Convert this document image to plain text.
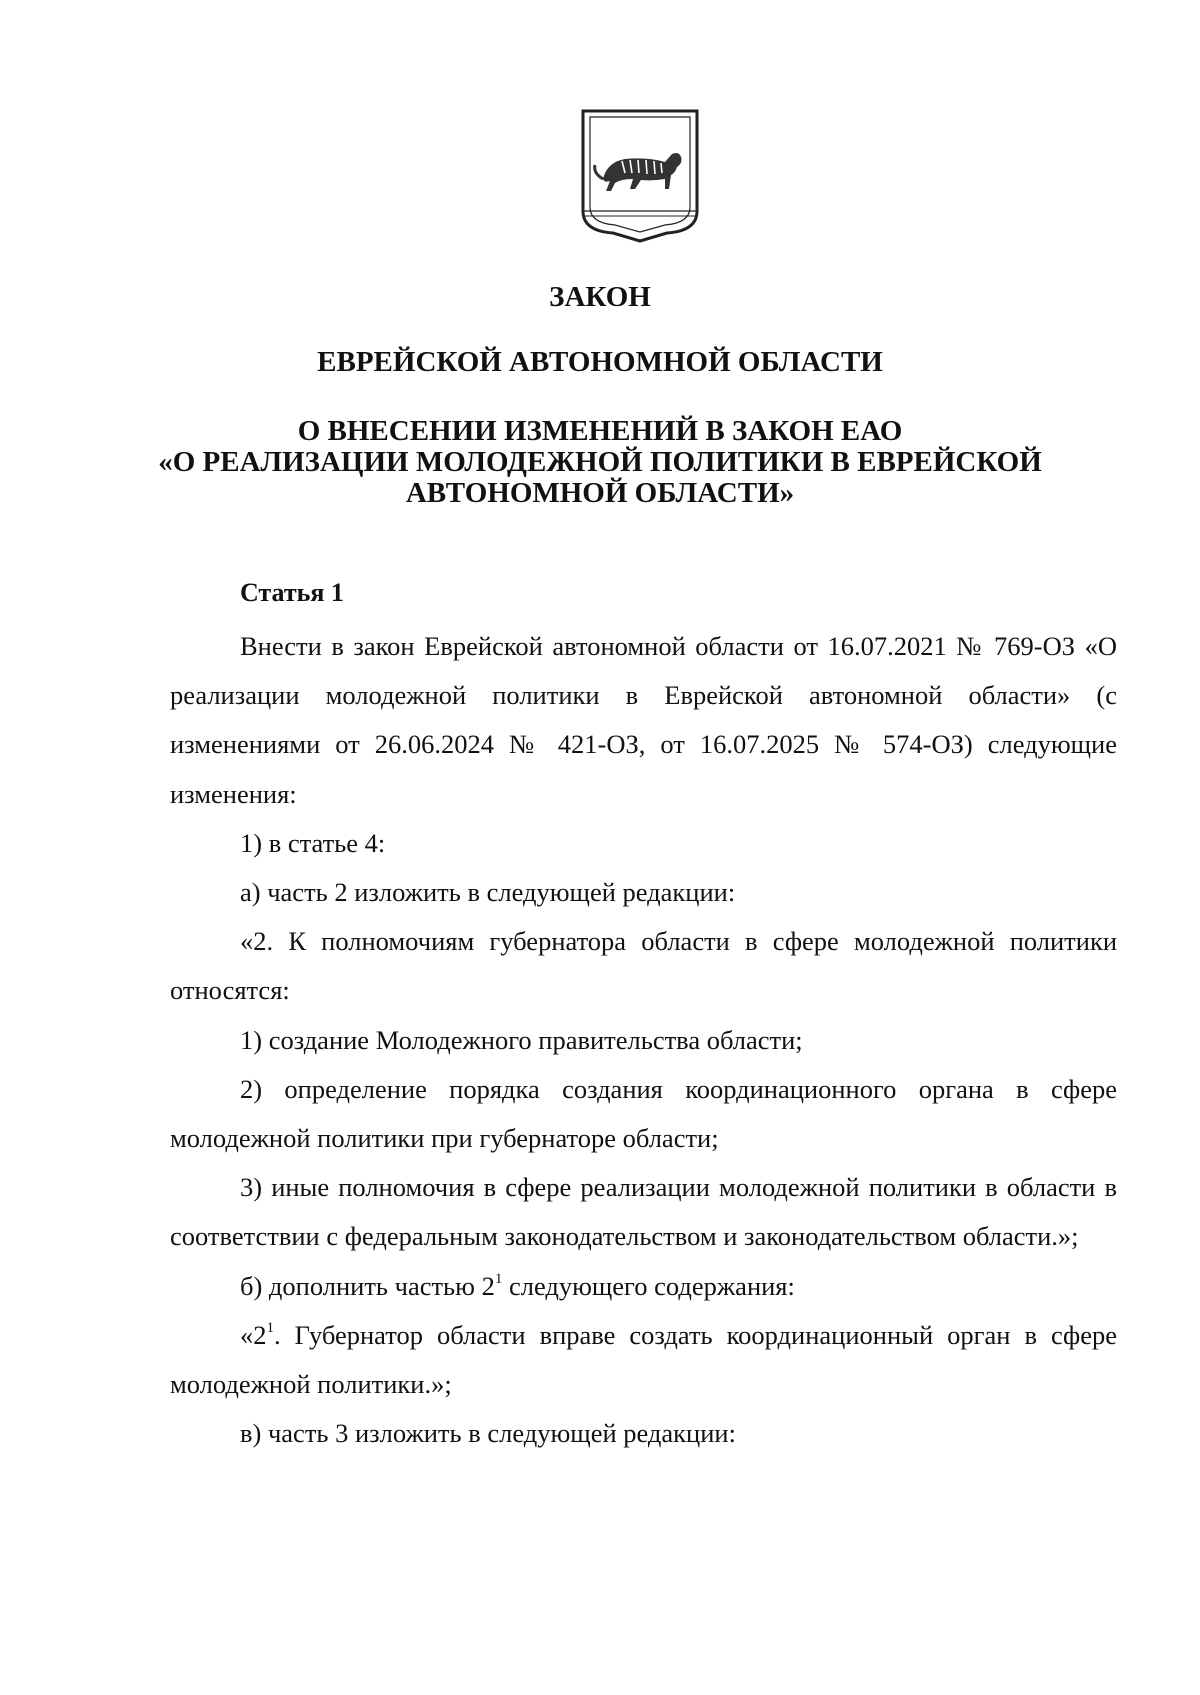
ЗАКОН
ЕВРЕЙСКОЙ АВТОНОМНОЙ ОБЛАСТИ
О ВНЕСЕНИИ ИЗМЕНЕНИЙ В ЗАКОН ЕАО
«О РЕАЛИЗАЦИИ МОЛОДЕЖНОЙ ПОЛИТИКИ В ЕВРЕЙСКОЙ
АВТОНОМНОЙ ОБЛАСТИ»
Статья 1

Внести в закон Еврейской автономной области от 16.07.2021 № 769-ОЗ «О реализации молодежной политики в Еврейской автономной области» (с изменениями от 26.06.2024 № 421-ОЗ, от 16.07.2025 № 574-ОЗ) следующие изменения:

1) в статье 4:

а) часть 2 изложить в следующей редакции:

«2. К полномочиям губернатора области в сфере молодежной политики относятся:

1) создание Молодежного правительства области;

2) определение порядка создания координационного органа в сфере молодежной политики при губернаторе области;

3) иные полномочия в сфере реализации молодежной политики в области в соответствии с федеральным законодательством и законодательством области.»;

б) дополнить частью $2^1$ следующего содержания:

«$2^1$. Губернатор области вправе создать координационный орган в сфере молодежной политики.»;

в) часть 3 изложить в следующей редакции:
